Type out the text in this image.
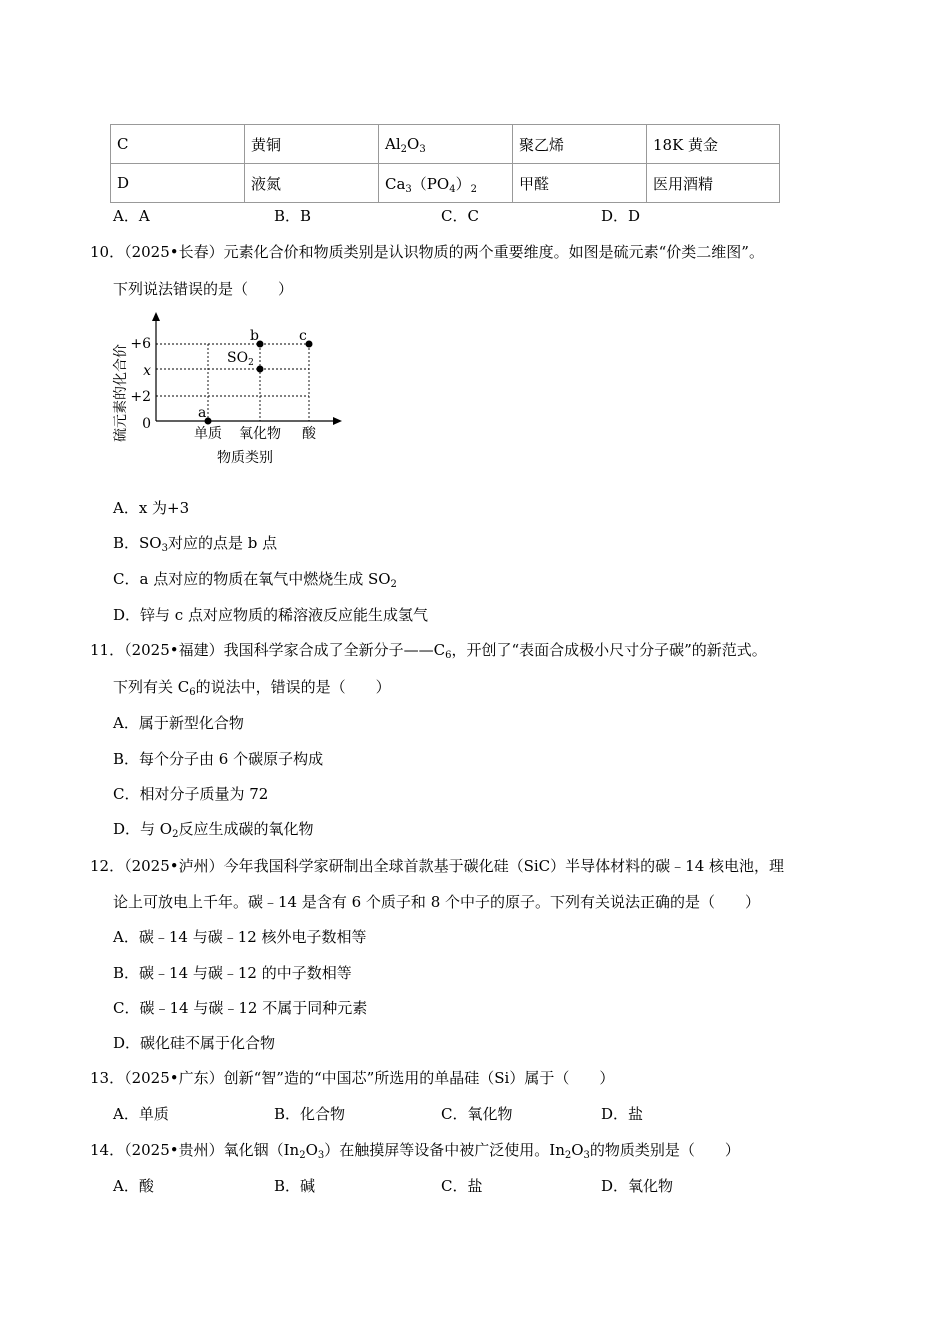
C	黄铜	$Al_2O_3$	聚乙烯	18K 黄金
D	液氮	$Ca_3(PO_4)_2$	甲醛	医用酒精
A．A	B．B	C．C	D．D
10．（2025•长春）元素化合价和物质类别是认识物质的两个重要维度。如图是硫元素“价类二维图”。
下列说法错误的是（　　）
硫元素的化合价
物质类别
+6
x
+2
0
单质 氧化物 酸
a
b
$SO_2$
c
A．x 为+3
B．$SO_3$对应的点是 b 点
C．a 点对应的物质在氧气中燃烧生成 $SO_2$
D．锌与 c 点对应物质的稀溶液反应能生成氢气
11．（2025•福建）我国科学家合成了全新分子$——C_6$，开创了“表面合成极小尺寸分子碳”的新范式。
下列有关 $C_6$的说法中，错误的是（　　）
A．属于新型化合物
B．每个分子由 6 个碳原子构成
C．相对分子质量为 72
D．与 $O_2$反应生成碳的氧化物
12．（2025•泸州）今年我国科学家研制出全球首款基于碳化硅（SiC）半导体材料的碳﹣14 核电池，理
论上可放电上千年。碳﹣14 是含有 6 个质子和 8 个中子的原子。下列有关说法正确的是（　　）
A．碳﹣14 与碳﹣12 核外电子数相等
B．碳﹣14 与碳﹣12 的中子数相等
C．碳﹣14 与碳﹣12 不属于同种元素
D．碳化硅不属于化合物
13．（2025•广东）创新“智”造的“中国芯”所选用的单晶硅（Si）属于（　　）
A．单质	B．化合物	C．氧化物	D．盐
14．（2025•贵州）氧化铟$(In_2O_3)$在触摸屏等设备中被广泛使用。$In_2O_3$的物质类别是（　　）
A．酸	B．碱	C．盐	D．氧化物
